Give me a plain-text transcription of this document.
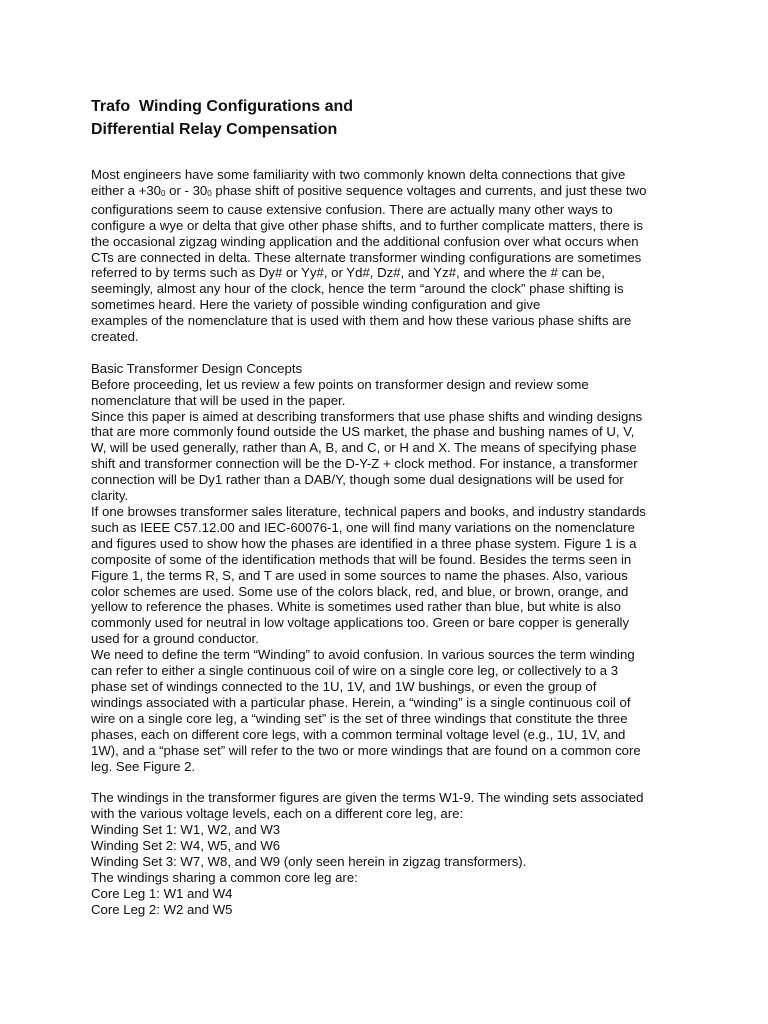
Trafo  Winding Configurations and
Differential Relay Compensation
Most engineers have some familiarity with two commonly known delta connections that give
either $a +30_0$ or - $30_0$ phase shift of positive sequence voltages and currents, and just these two
configurations seem to cause extensive confusion. There are actually many other ways to
configure a wye or delta that give other phase shifts, and to further complicate matters, there is
the occasional zigzag winding application and the additional confusion over what occurs when
CTs are connected in delta. These alternate transformer winding configurations are sometimes
referred to by terms such as Dy# or Yy#, or Yd#, Dz#, and Yz#, and where the # can be,
seemingly, almost any hour of the clock, hence the term “around the clock” phase shifting is
sometimes heard. Here the variety of possible winding configuration and give
examples of the nomenclature that is used with them and how these various phase shifts are
created.
Basic Transformer Design Concepts
Before proceeding, let us review a few points on transformer design and review some
nomenclature that will be used in the paper.
Since this paper is aimed at describing transformers that use phase shifts and winding designs
that are more commonly found outside the US market, the phase and bushing names of U, V,
W, will be used generally, rather than A, B, and C, or H and X. The means of specifying phase
shift and transformer connection will be the D-Y-Z + clock method. For instance, a transformer
connection will be Dy1 rather than a DAB/Y, though some dual designations will be used for
clarity.
If one browses transformer sales literature, technical papers and books, and industry standards
such as IEEE C57.12.00 and IEC-60076-1, one will find many variations on the nomenclature
and figures used to show how the phases are identified in a three phase system. Figure 1 is a
composite of some of the identification methods that will be found. Besides the terms seen in
Figure 1, the terms R, S, and T are used in some sources to name the phases. Also, various
color schemes are used. Some use of the colors black, red, and blue, or brown, orange, and
yellow to reference the phases. White is sometimes used rather than blue, but white is also
commonly used for neutral in low voltage applications too. Green or bare copper is generally
used for a ground conductor.
We need to define the term “Winding” to avoid confusion. In various sources the term winding
can refer to either a single continuous coil of wire on a single core leg, or collectively to a 3
phase set of windings connected to the 1U, 1V, and 1W bushings, or even the group of
windings associated with a particular phase. Herein, a “winding” is a single continuous coil of
wire on a single core leg, a “winding set” is the set of three windings that constitute the three
phases, each on different core legs, with a common terminal voltage level (e.g., 1U, 1V, and
1W), and a “phase set” will refer to the two or more windings that are found on a common core
leg. See Figure 2.
The windings in the transformer figures are given the terms W1-9. The winding sets associated
with the various voltage levels, each on a different core leg, are:
Winding Set 1: W1, W2, and W3
Winding Set 2: W4, W5, and W6
Winding Set 3: W7, W8, and W9 (only seen herein in zigzag transformers).
The windings sharing a common core leg are:
Core Leg 1: W1 and W4
Core Leg 2: W2 and W5
